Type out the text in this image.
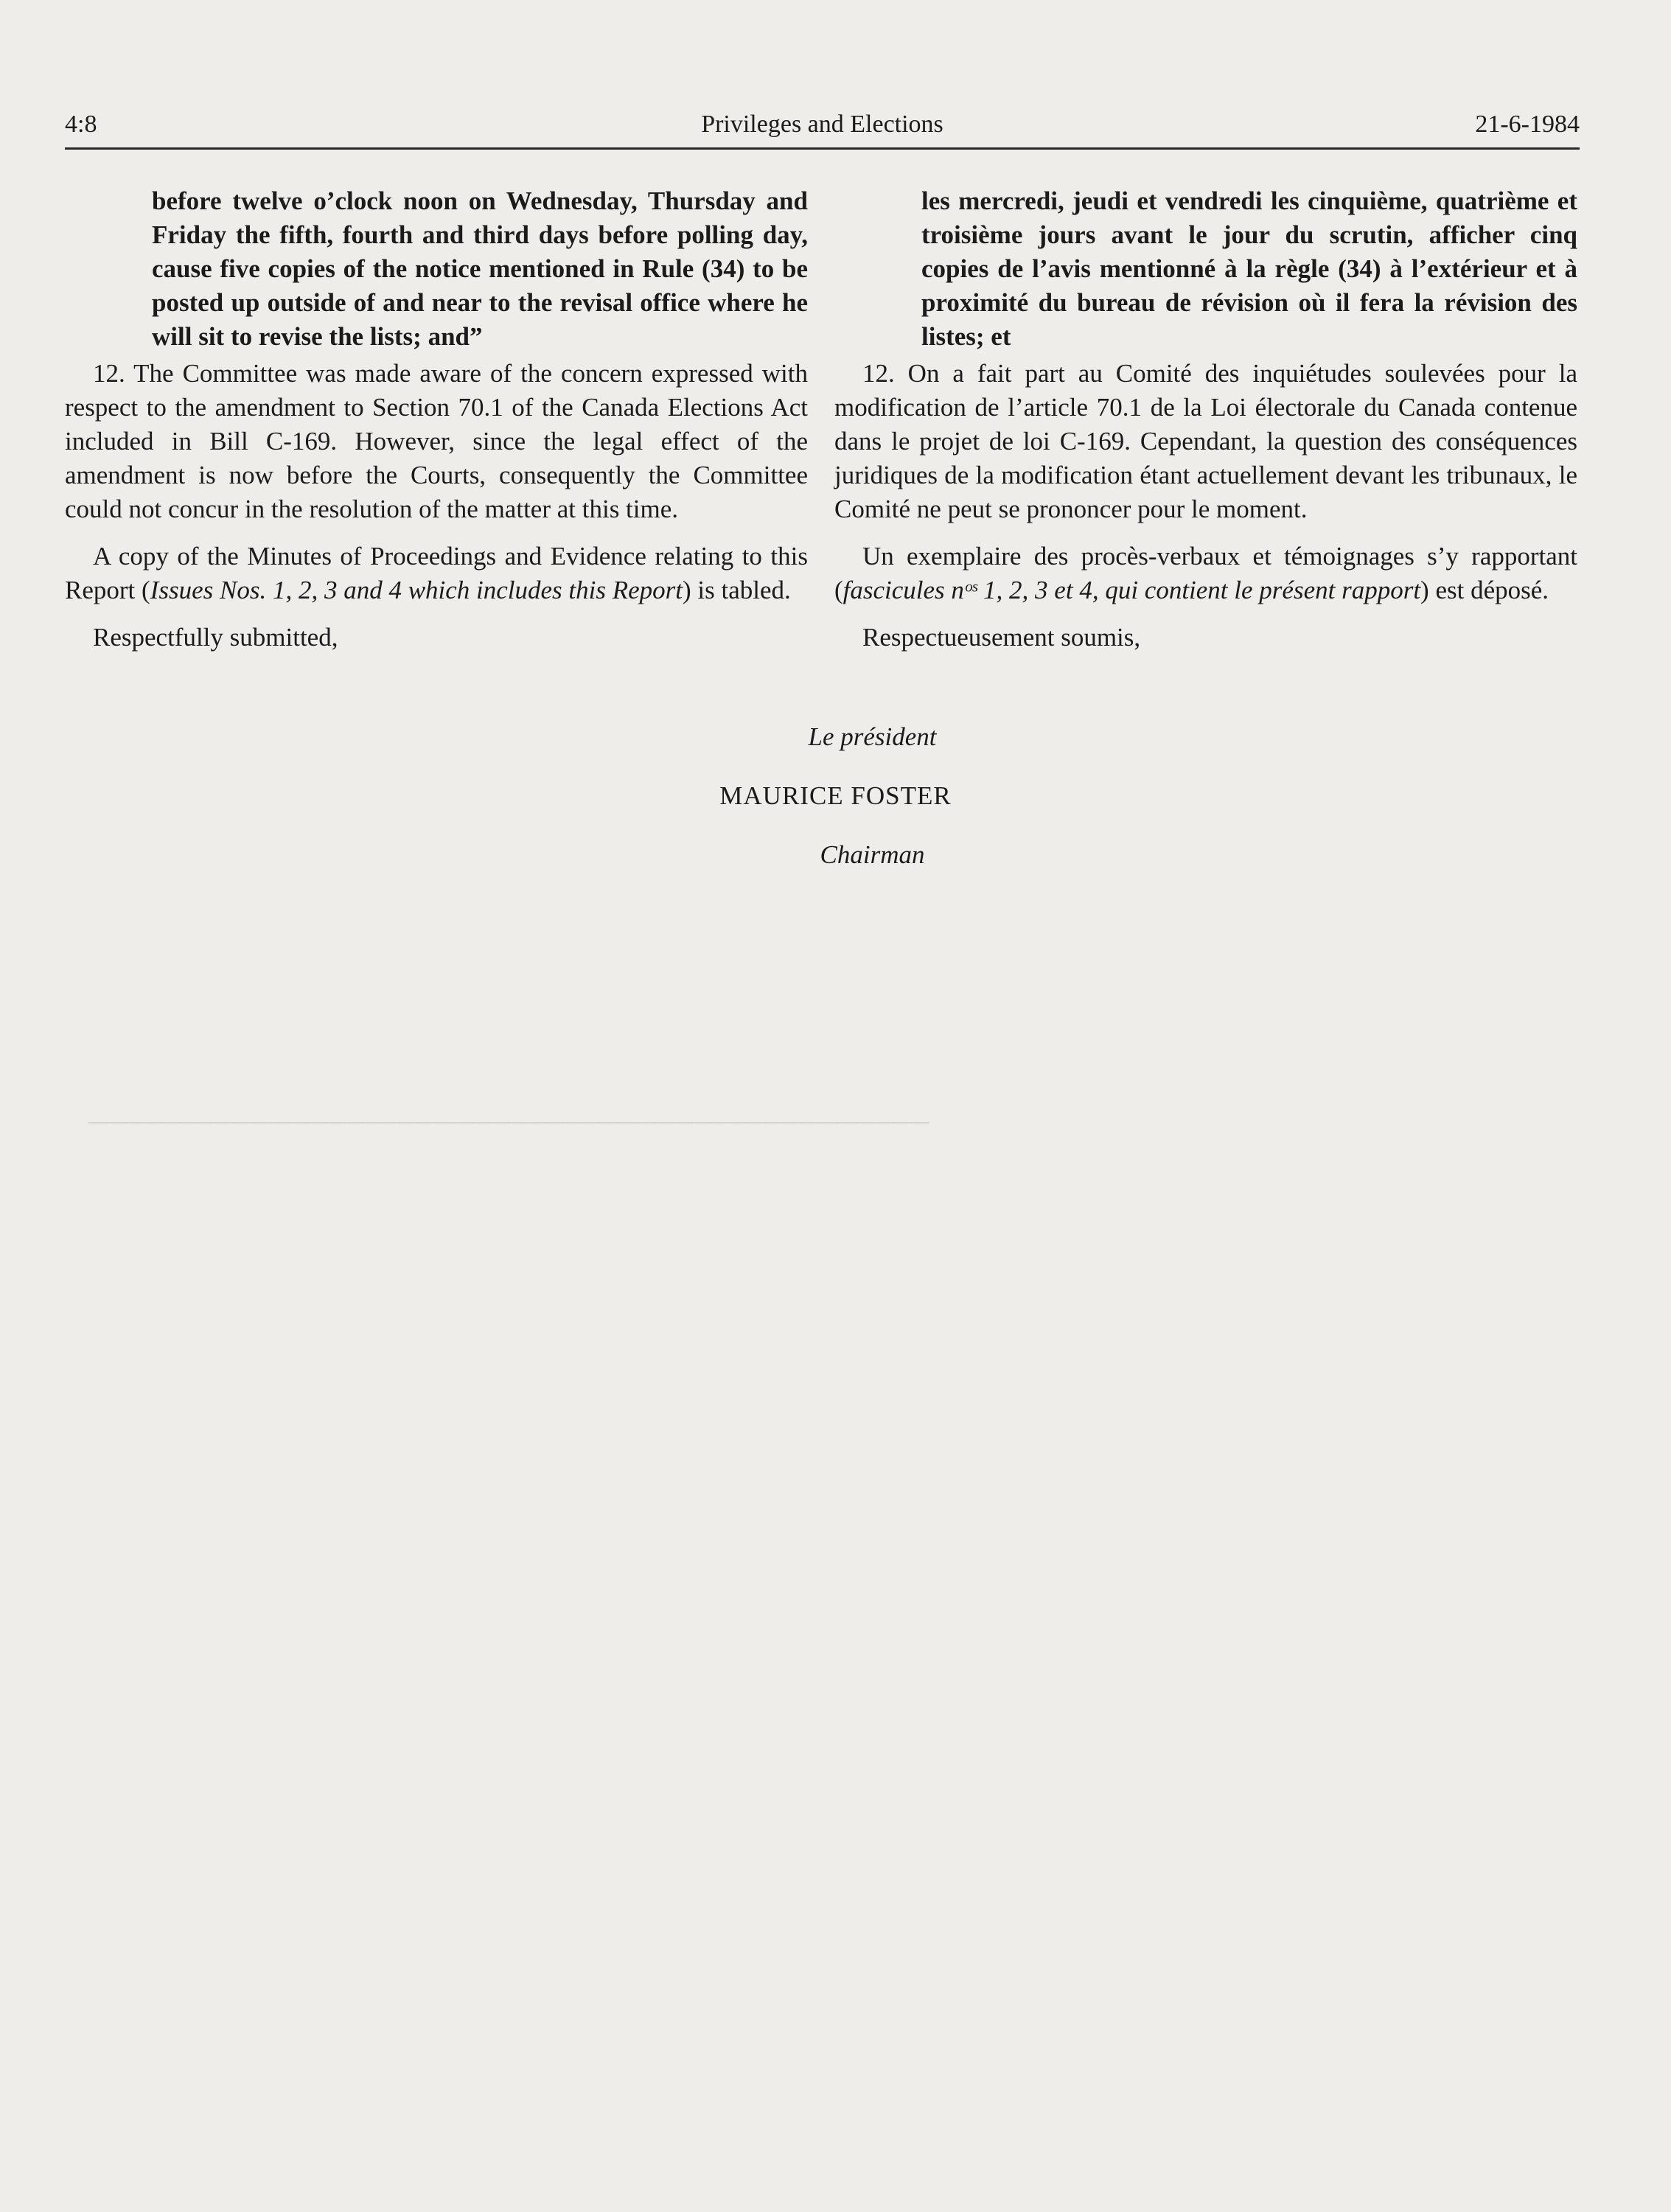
──────────────────────────────────────────────
4:8	Privileges and Elections	21-6-1984

before twelve o’clock noon on Wednesday, Thursday and Friday the fifth, fourth and third days before polling day, cause five copies of the notice mentioned in Rule (34) to be posted up outside of and near to the revisal office where he will sit to revise the lists; and”

12. The Committee was made aware of the concern expressed with respect to the amendment to Section 70.1 of the Canada Elections Act included in Bill C-169. However, since the legal effect of the amendment is now before the Courts, consequently the Committee could not concur in the resolution of the matter at this time.

A copy of the Minutes of Proceedings and Evidence relating to this Report (Issues Nos. 1, 2, 3 and 4 which includes this Report) is tabled.

Respectfully submitted,

les mercredi, jeudi et vendredi les cinquième, quatrième et troisième jours avant le jour du scrutin, afficher cinq copies de l’avis mentionné à la règle (34) à l’extérieur et à proximité du bureau de révision où il fera la révision des listes; et

12. On a fait part au Comité des inquiétudes soulevées pour la modification de l’article 70.1 de la Loi électorale du Canada contenue dans le projet de loi C-169. Cependant, la question des conséquences juridiques de la modification étant actuellement devant les tribunaux, le Comité ne peut se prononcer pour le moment.

Un exemplaire des procès-verbaux et témoignages s’y rapportant (fascicules nᵒˢ 1, 2, 3 et 4, qui contient le présent rapport) est déposé.

Respectueusement soumis,

Le président
MAURICE FOSTER
Chairman
